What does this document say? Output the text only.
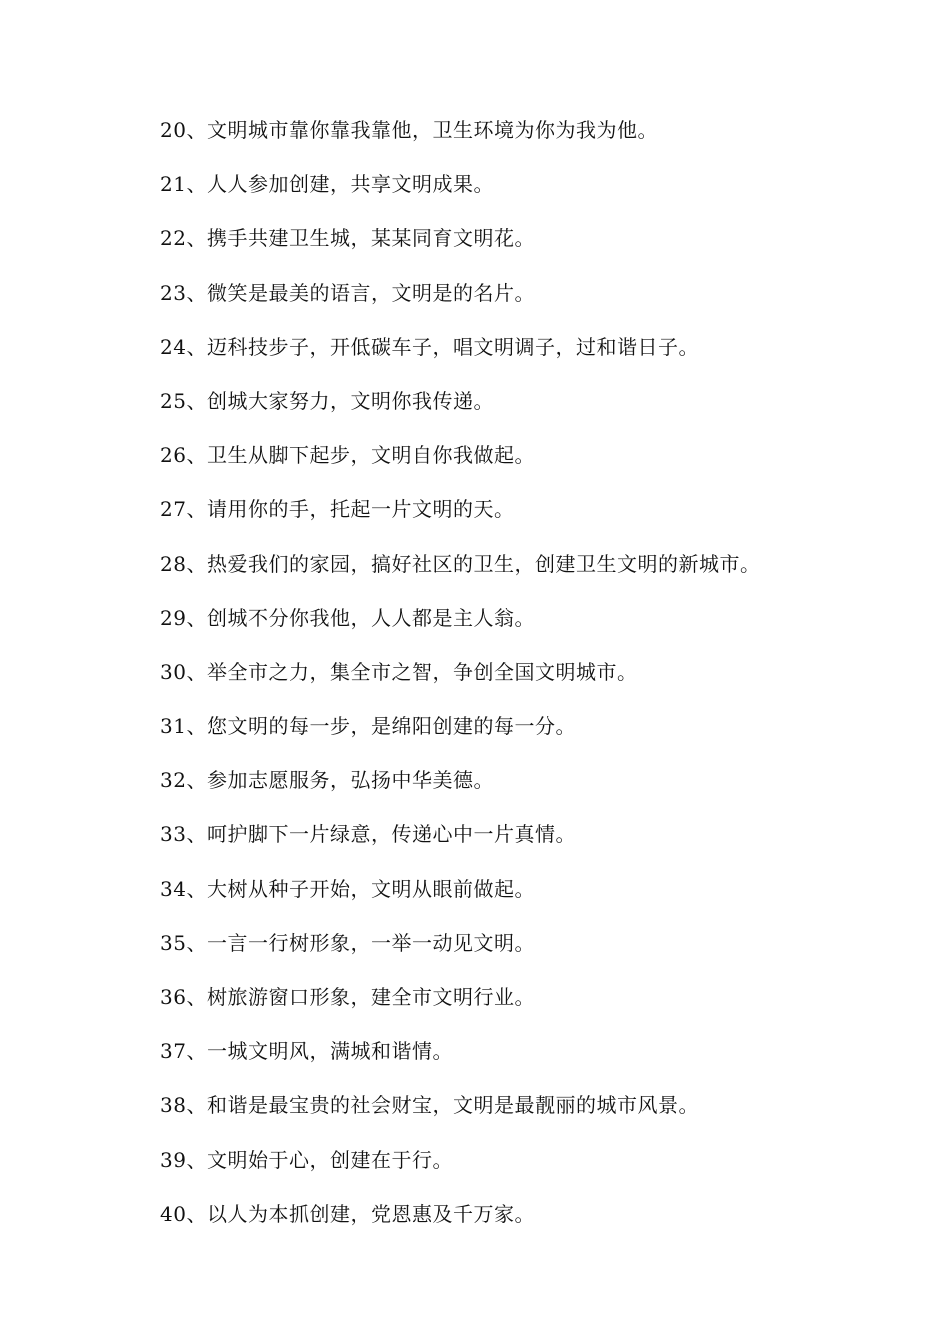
20、文明城市靠你靠我靠他，卫生环境为你为我为他。
21、人人参加创建，共享文明成果。
22、携手共建卫生城，某某同育文明花。
23、微笑是最美的语言，文明是的名片。
24、迈科技步子，开低碳车子，唱文明调子，过和谐日子。
25、创城大家努力，文明你我传递。
26、卫生从脚下起步，文明自你我做起。
27、请用你的手，托起一片文明的天。
28、热爱我们的家园，搞好社区的卫生，创建卫生文明的新城市。
29、创城不分你我他，人人都是主人翁。
30、举全市之力，集全市之智，争创全国文明城市。
31、您文明的每一步，是绵阳创建的每一分。
32、参加志愿服务，弘扬中华美德。
33、呵护脚下一片绿意，传递心中一片真情。
34、大树从种子开始，文明从眼前做起。
35、一言一行树形象，一举一动见文明。
36、树旅游窗口形象，建全市文明行业。
37、一城文明风，满城和谐情。
38、和谐是最宝贵的社会财宝，文明是最靓丽的城市风景。
39、文明始于心，创建在于行。
40、以人为本抓创建，党恩惠及千万家。
